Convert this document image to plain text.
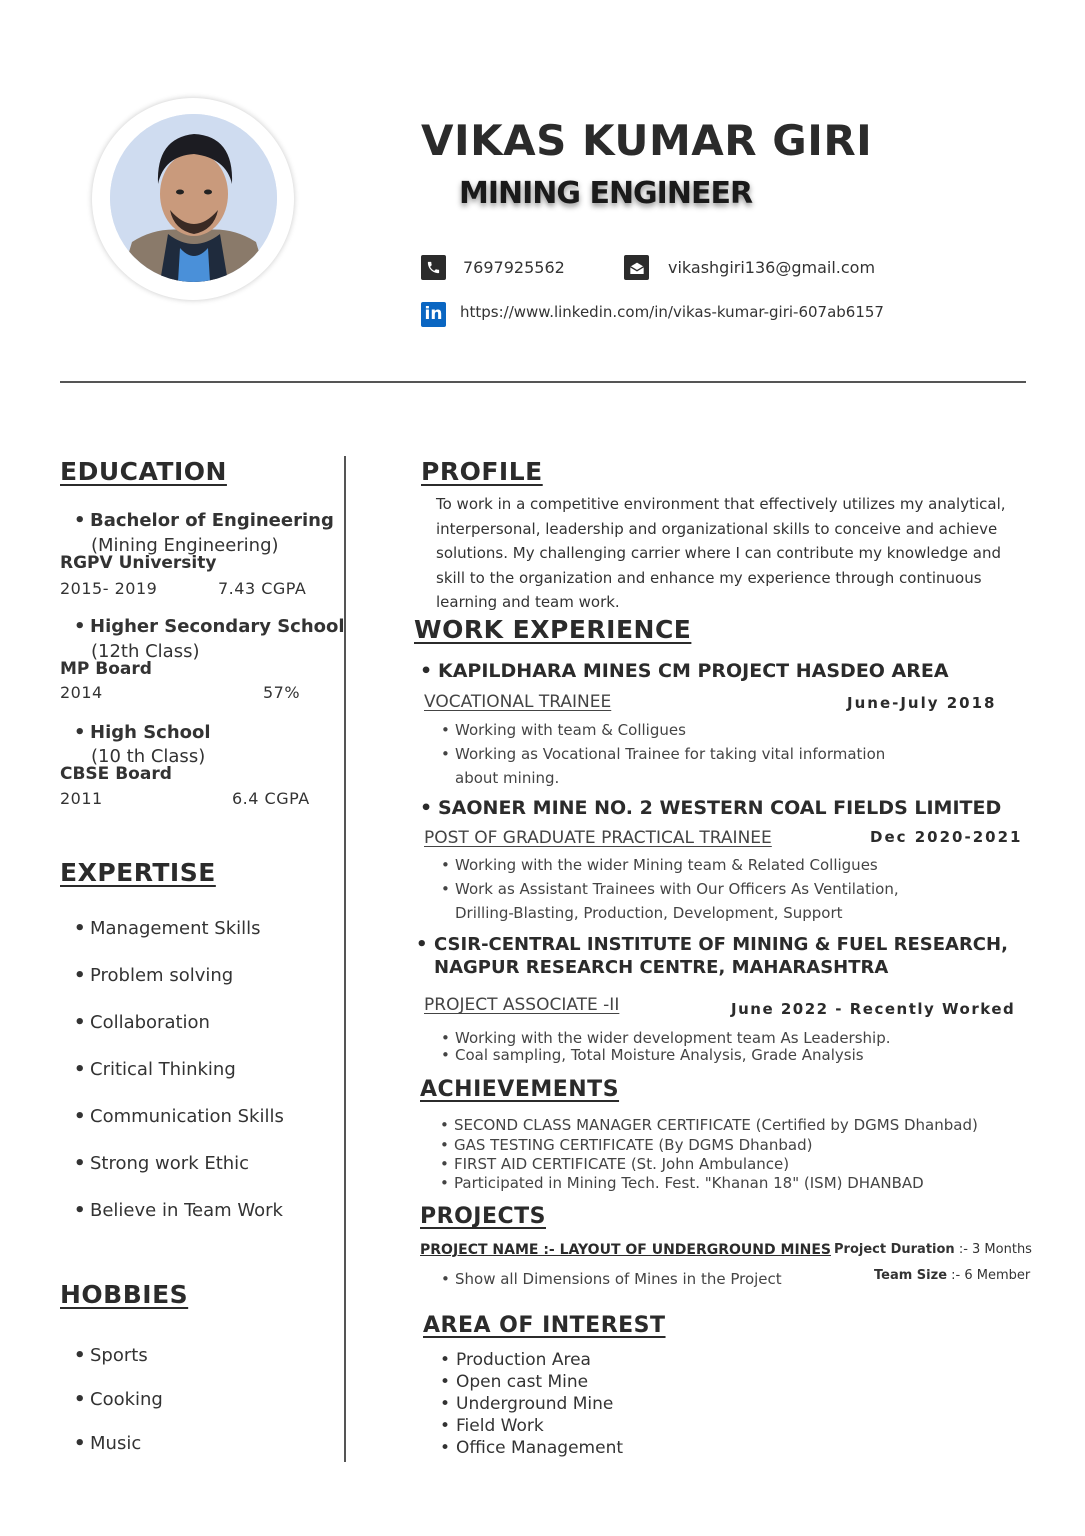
VIKAS KUMAR GIRI
MINING ENGINEER
7697925562	vikashgiri136@gmail.com
in https://www.linkedin.com/in/vikas-kumar-giri-607ab6157
EDUCATION
• Bachelor of Engineering
(Mining Engineering)
RGPV University
2015- 2019	7.43 CGPA
• Higher Secondary School
(12th Class)
MP Board
2014	57%
• High School
(10 th Class)
CBSE Board
2011	6.4 CGPA
EXPERTISE
• Management Skills
• Problem solving
• Collaboration
• Critical Thinking
• Communication Skills
• Strong work Ethic
• Believe in Team Work
HOBBIES
• Sports
• Cooking
• Music
PROFILE
To work in a competitive environment that effectively utilizes my analytical, interpersonal, leadership and organizational skills to conceive and achieve solutions. My challenging carrier where I can contribute my knowledge and skill to the organization and enhance my experience through continuous learning and team work.
WORK EXPERIENCE
• KAPILDHARA MINES CM PROJECT HASDEO AREA
VOCATIONAL TRAINEE	June-July 2018
• Working with team & Colligues
• Working as Vocational Trainee for taking vital information
about mining.
• SAONER MINE NO. 2 WESTERN COAL FIELDS LIMITED
POST OF GRADUATE PRACTICAL TRAINEE	Dec 2020-2021
• Working with the wider Mining team & Related Colligues
• Work as Assistant Trainees with Our Officers As Ventilation,
Drilling-Blasting, Production, Development, Support
• CSIR-CENTRAL INSTITUTE OF MINING & FUEL RESEARCH,
NAGPUR RESEARCH CENTRE, MAHARASHTRA
PROJECT ASSOCIATE -II	June 2022 - Recently Worked
• Working with the wider development team As Leadership.
• Coal sampling, Total Moisture Analysis, Grade Analysis
ACHIEVEMENTS
• SECOND CLASS MANAGER CERTIFICATE (Certified by DGMS Dhanbad)
• GAS TESTING CERTIFICATE (By DGMS Dhanbad)
• FIRST AID CERTIFICATE (St. John Ambulance)
• Participated in Mining Tech. Fest. "Khanan 18" (ISM) DHANBAD
PROJECTS
PROJECT NAME :- LAYOUT OF UNDERGROUND MINES Project Duration :- 3 Months
• Show all Dimensions of Mines in the Project	Team Size :- 6 Member
AREA OF INTEREST
• Production Area
• Open cast Mine
• Underground Mine
• Field Work
• Office Management
